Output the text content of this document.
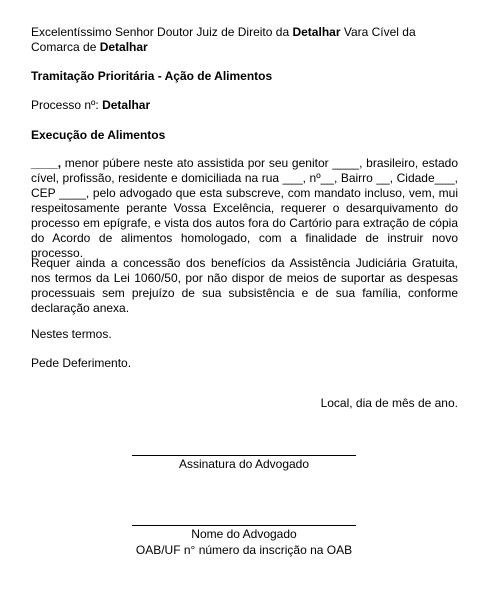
Excelentíssimo Senhor Doutor Juiz de Direito da Detalhar Vara Cível da Comarca de Detalhar

Tramitação Prioritária - Ação de Alimentos

Processo nº: Detalhar

Execução de Alimentos

____, menor púbere neste ato assistida por seu genitor ____, brasileiro, estado cível, profissão, residente e domiciliada na rua ___, nº__, Bairro __, Cidade___, CEP ____, pelo advogado que esta subscreve, com mandato incluso, vem, mui respeitosamente perante Vossa Excelência, requerer o desarquivamento do processo em epígrafe, e vista dos autos fora do Cartório para extração de cópia do Acordo de alimentos homologado, com a finalidade de instruir novo processo.

Requer ainda a concessão dos benefícios da Assistência Judiciária Gratuita, nos termos da Lei 1060/50, por não dispor de meios de suportar as despesas processuais sem prejuízo de sua subsistência e de sua família, conforme declaração anexa.

Nestes termos.

Pede Deferimento.

Local, dia de mês de ano.

Assinatura do Advogado
Nome do Advogado
OAB/UF n° número da inscrição na OAB
